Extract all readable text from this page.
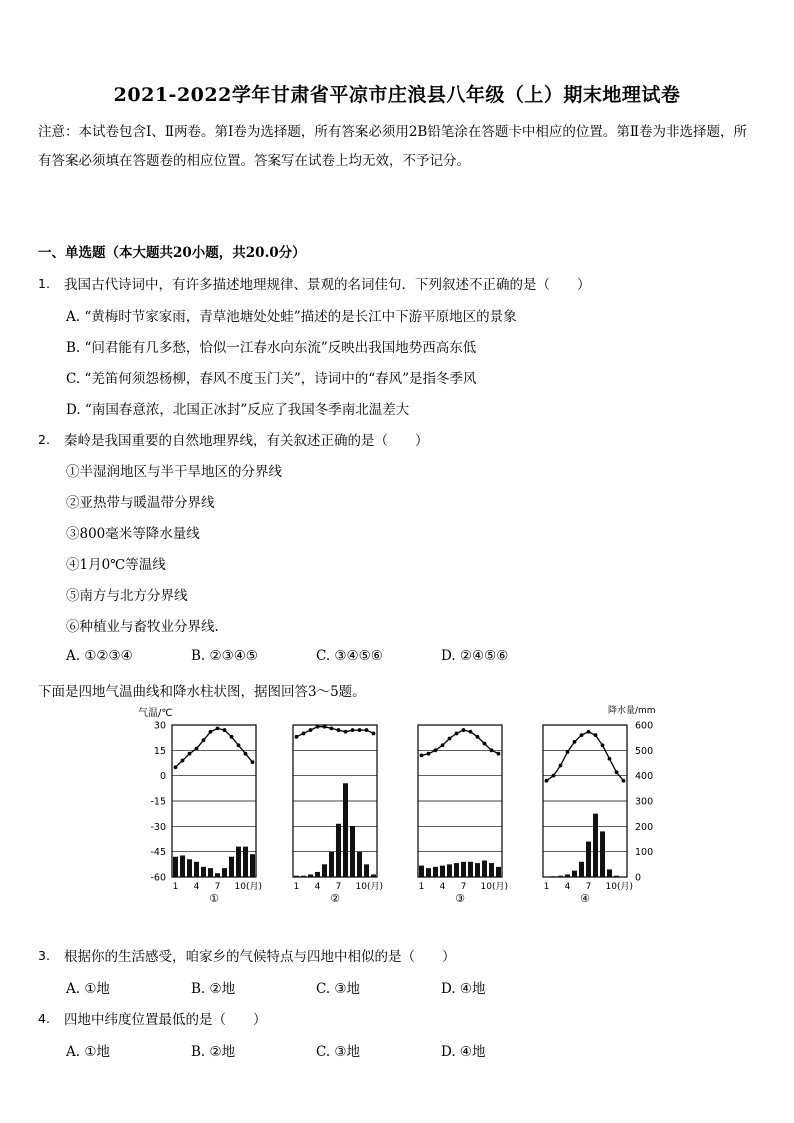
2021-2022学年甘肃省平凉市庄浪县八年级（上）期末地理试卷
注意：本试卷包含Ⅰ、Ⅱ两卷。第Ⅰ卷为选择题，所有答案必须用2B铅笔涂在答题卡中相应的位置。第Ⅱ卷为非选择题，所有答案必须填在答题卷的相应位置。答案写在试卷上均无效，不予记分。
一、单选题（本大题共20小题，共20.0分）
1. 我国古代诗词中，有许多描述地理规律、景观的名词佳句．下列叙述不正确的是（　　）
A. “黄梅时节家家雨，青草池塘处处蛙”描述的是长江中下游平原地区的景象
B. “问君能有几多愁，恰似一江春水向东流”反映出我国地势西高东低
C. “羌笛何须怨杨柳，春风不度玉门关”，诗词中的“春风”是指冬季风
D. “南国春意浓，北国正冰封”反应了我国冬季南北温差大
2. 秦岭是我国重要的自然地理界线，有关叙述正确的是（　　）
①半湿润地区与半干旱地区的分界线
②亚热带与暖温带分界线
③800毫米等降水量线
④1月0℃等温线
⑤南方与北方分界线
⑥种植业与畜牧业分界线.
A. ①②③④	B. ②③④⑤	C. ③④⑤⑥	D. ②④⑤⑥
下面是四地气温曲线和降水柱状图，据图回答3～5题。
气温/℃	降水量/mm
30
15
0
-15
-30
-45
-60
600
500
400
300
200
100
0
1 4 7 10(月)
①
1 4 7 10(月)
②
1 4 7 10(月)
③
1 4 7 10(月)
④
3. 根据你的生活感受，咱家乡的气候特点与四地中相似的是（　　）
A. ①地	B. ②地	C. ③地	D. ④地
4. 四地中纬度位置最低的是（　　）
A. ①地	B. ②地	C. ③地	D. ④地
